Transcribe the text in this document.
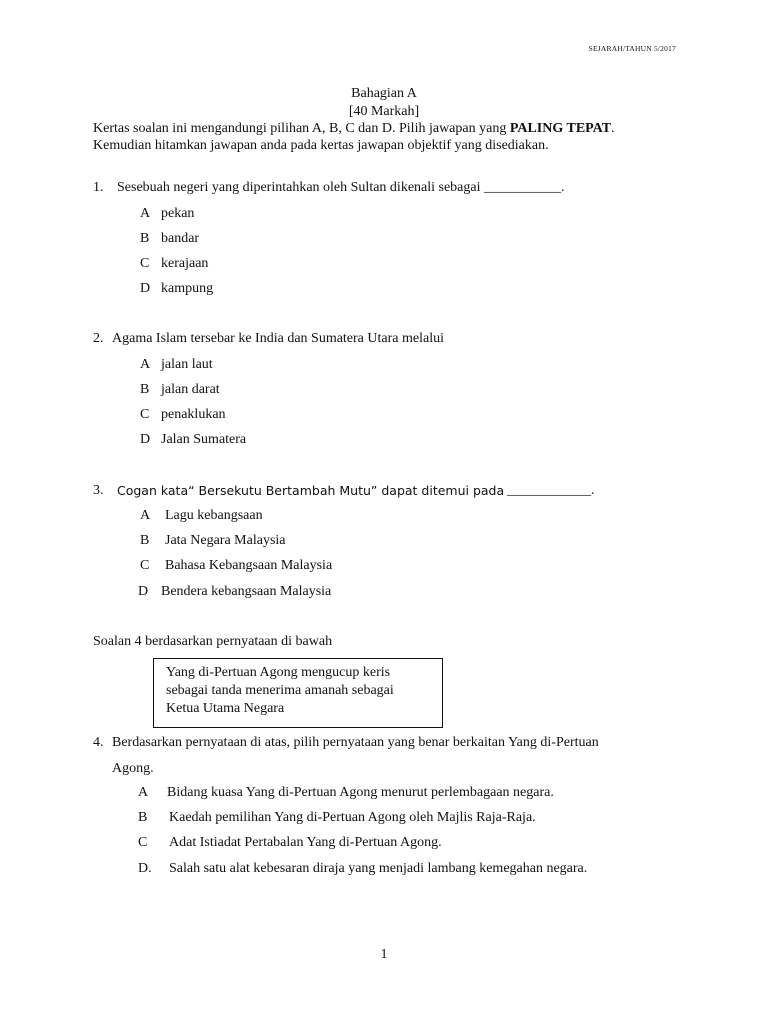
SEJARAH/TAHUN 5/2017
Bahagian A
[40 Markah]
Kertas soalan ini mengandungi pilihan A, B, C dan D. Pilih jawapan yang PALING TEPAT.
Kemudian hitamkan jawapan anda pada kertas jawapan objektif yang disediakan.
1. Sesebuah negeri yang diperintahkan oleh Sultan dikenali sebagai ___________.
A pekan
B bandar
C kerajaan
D kampung
2. Agama Islam tersebar ke India dan Sumatera Utara melalui
A jalan laut
B jalan darat
C penaklukan
D Jalan Sumatera
3. Cogan kata“ Bersekutu Bertambah Mutu” dapat ditemui pada ____________.
A Lagu kebangsaan
B Jata Negara Malaysia
C Bahasa Kebangsaan Malaysia
D Bendera kebangsaan Malaysia
Soalan 4 berdasarkan pernyataan di bawah
Yang di-Pertuan Agong mengucup keris
sebagai tanda menerima amanah sebagai
Ketua Utama Negara
4. Berdasarkan pernyataan di atas, pilih pernyataan yang benar berkaitan Yang di-Pertuan
Agong.
A Bidang kuasa Yang di-Pertuan Agong menurut perlembagaan negara.
B Kaedah pemilihan Yang di-Pertuan Agong oleh Majlis Raja-Raja.
C Adat Istiadat Pertabalan Yang di-Pertuan Agong.
D. Salah satu alat kebesaran diraja yang menjadi lambang kemegahan negara.
1
